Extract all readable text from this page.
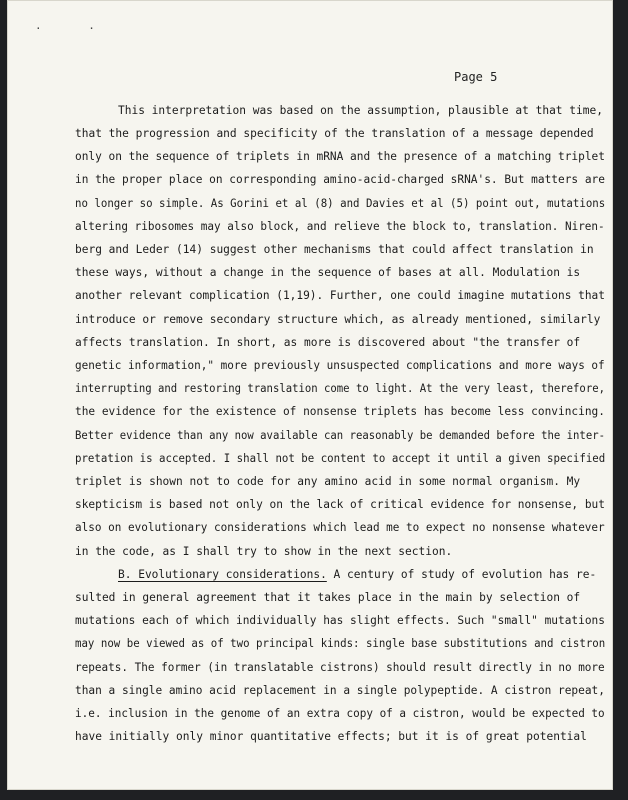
· ·
Page 5
This interpretation was based on the assumption, plausible at that time,
that the progression and specificity of the translation of a message depended
only on the sequence of triplets in mRNA and the presence of a matching triplet
in the proper place on corresponding amino-acid-charged sRNA's. But matters are
no longer so simple. As Gorini et al (8) and Davies et al (5) point out, mutations
altering ribosomes may also block, and relieve the block to, translation. Niren-
berg and Leder (14) suggest other mechanisms that could affect translation in
these ways, without a change in the sequence of bases at all. Modulation is
another relevant complication (1,19). Further, one could imagine mutations that
introduce or remove secondary structure which, as already mentioned, similarly
affects translation. In short, as more is discovered about "the transfer of
genetic information," more previously unsuspected complications and more ways of
interrupting and restoring translation come to light. At the very least, therefore,
the evidence for the existence of nonsense triplets has become less convincing.
Better evidence than any now available can reasonably be demanded before the inter-
pretation is accepted. I shall not be content to accept it until a given specified
triplet is shown not to code for any amino acid in some normal organism. My
skepticism is based not only on the lack of critical evidence for nonsense, but
also on evolutionary considerations which lead me to expect no nonsense whatever
in the code, as I shall try to show in the next section.
B. Evolutionary considerations. A century of study of evolution has re-
sulted in general agreement that it takes place in the main by selection of
mutations each of which individually has slight effects. Such "small" mutations
may now be viewed as of two principal kinds: single base substitutions and cistron
repeats. The former (in translatable cistrons) should result directly in no more
than a single amino acid replacement in a single polypeptide. A cistron repeat,
i.e. inclusion in the genome of an extra copy of a cistron, would be expected to
have initially only minor quantitative effects; but it is of great potential
